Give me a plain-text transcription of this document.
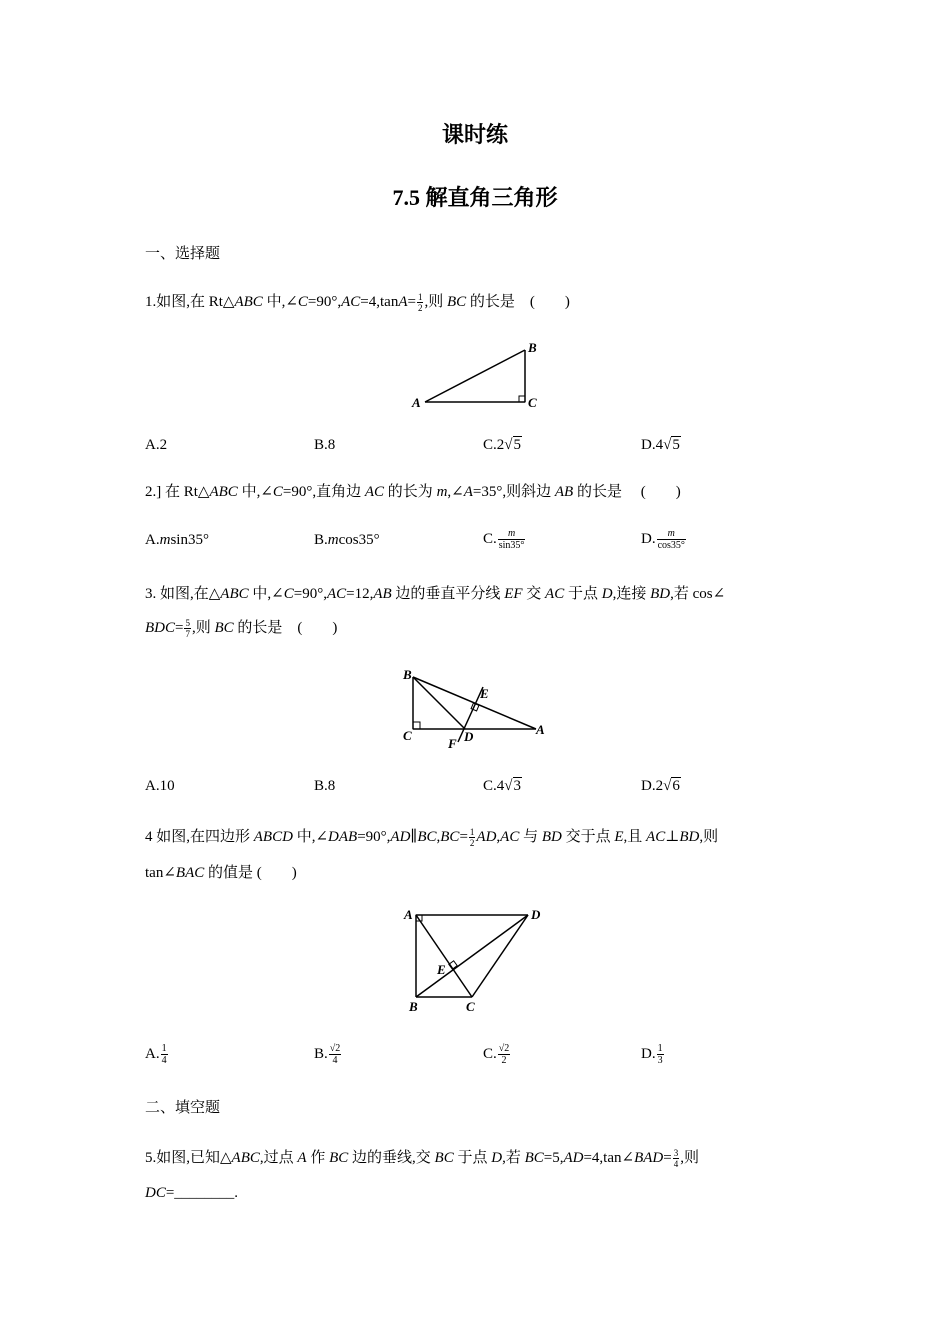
课时练
7.5 解直角三角形
一、选择题
1.如图,在 Rt△ABC 中,∠C=90°,AC=4,tanA= $\frac{1}{2}$ ,则 BC 的长是　(　　)
A
B
C
A.2	B.8	C.2√5	D.4√5
2.] 在 Rt△ABC 中,∠C=90°,直角边 AC 的长为 m,∠A=35°,则斜边 AB 的长是　 (　　)
A.msin35°	B.mcos35°	C. $\frac{m}{\sin 35^\circ}$	D. $\frac{m}{\cos 35^\circ}$
3. 如图,在△ABC 中,∠C=90°,AC=12,AB 边的垂直平分线 EF 交 AC 于点 D,连接 BD,若 cos∠
$BDC= \frac{5}{7}$ ,则 BC 的长是　(　　)
B
C	D
F
E
A
A.10	B.8	C.4√3	D.2√6
4 如图,在四边形 ABCD 中,∠DAB=90°,AD∥BC,BC= $\frac{1}{2} AD,AC$ 与 BD 交于点 E,且 AC⊥BD,则
tan∠BAC 的值是 (　　)
A	D
B	C
E
A. $\frac{1}{4}$	B. $\frac{√2}{4}$	C. $\frac{√2}{2}$	D. $\frac{1}{3}$
二、填空题
5.如图,已知△ABC,过点 A 作 BC 边的垂线,交 BC 于点 D,若 BC=5,AD=4,tan∠BAD= $\frac{3}{4}$ ,则
DC=________.
